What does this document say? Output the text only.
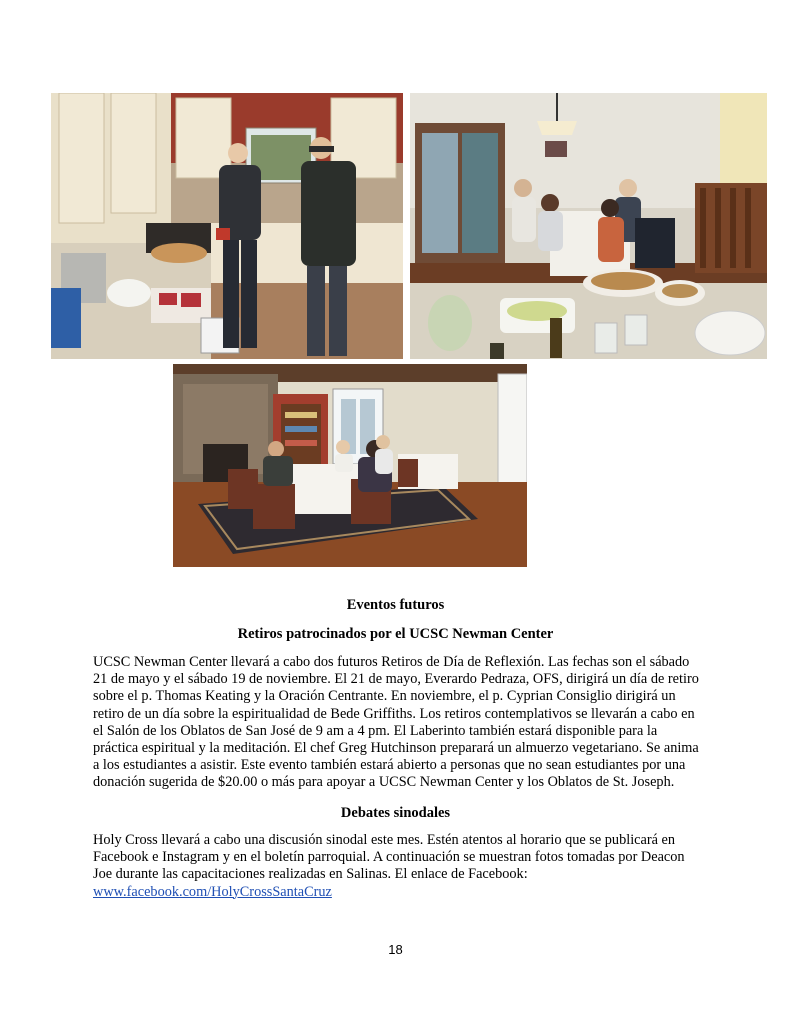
Eventos futuros
Retiros patrocinados por el UCSC Newman Center
UCSC Newman Center llevará a cabo dos futuros Retiros de Día de Reflexión. Las fechas son el sábado
21 de mayo y el sábado 19 de noviembre. El 21 de mayo, Everardo Pedraza, OFS, dirigirá un día de retiro
sobre el p. Thomas Keating y la Oración Centrante. En noviembre, el p. Cyprian Consiglio dirigirá un
retiro de un día sobre la espiritualidad de Bede Griffiths. Los retiros contemplativos se llevarán a cabo en
el Salón de los Oblatos de San José de 9 am a 4 pm. El Laberinto también estará disponible para la
práctica espiritual y la meditación. El chef Greg Hutchinson preparará un almuerzo vegetariano. Se anima
a los estudiantes a asistir. Este evento también estará abierto a personas que no sean estudiantes por una
donación sugerida de $20.00 o más para apoyar a UCSC Newman Center y los Oblatos de St. Joseph.
Debates sinodales
Holy Cross llevará a cabo una discusión sinodal este mes. Estén atentos al horario que se publicará en
Facebook e Instagram y en el boletín parroquial. A continuación se muestran fotos tomadas por Deacon
Joe durante las capacitaciones realizadas en Salinas. El enlace de Facebook:
www.facebook.com/HolyCrossSantaCruz
18
